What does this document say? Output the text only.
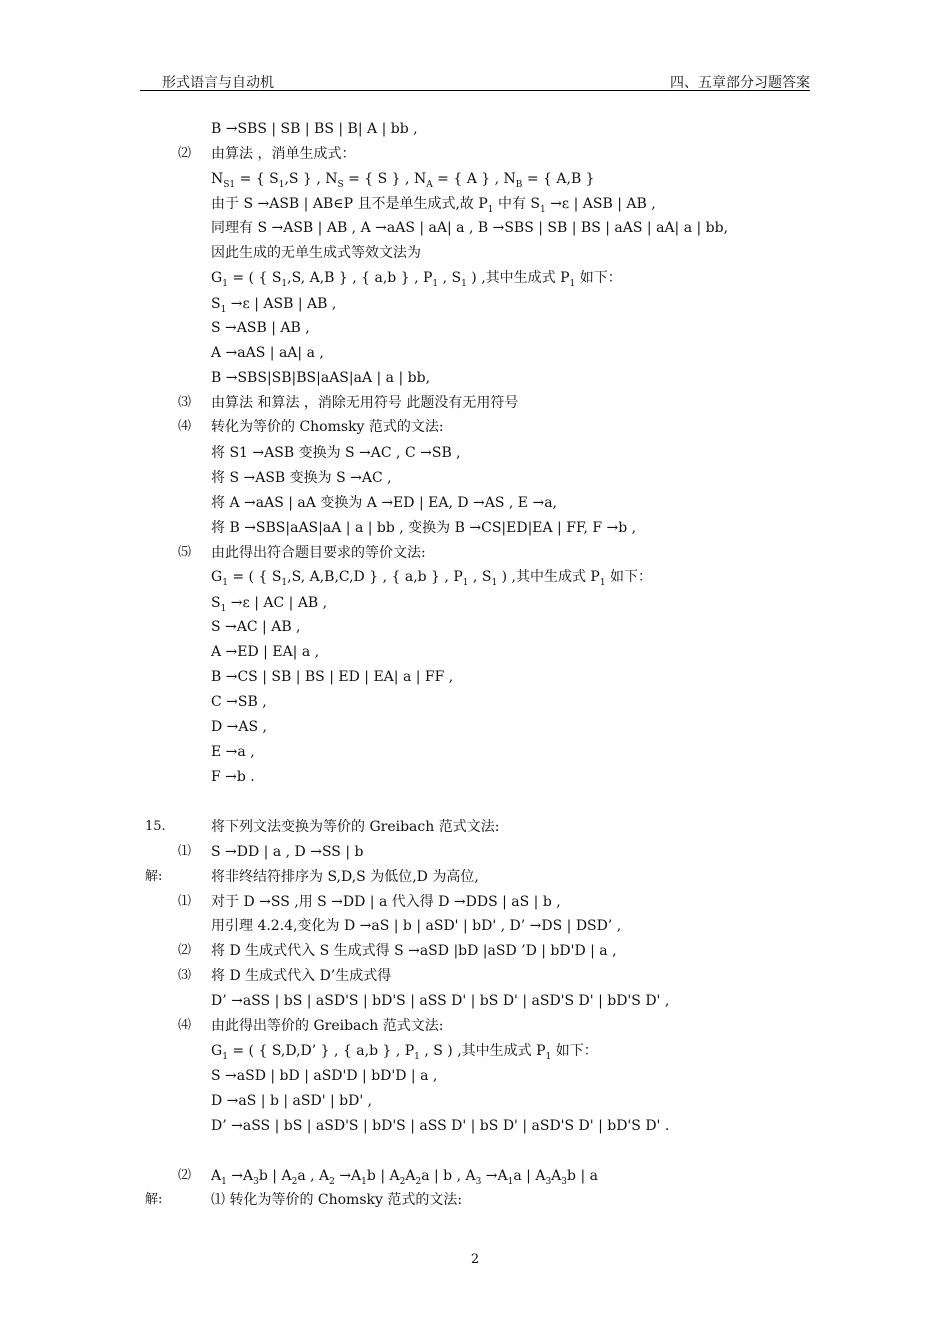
形式语言与自动机	四、五章部分习题答案
B →SBS | SB | BS | B| A | bb ,
⑵ 由算法 ，消单生成式：
$N_{S1}$ = { $S_1,S$ } , $N_S$ = { S } , $N_A$ = { A } , $N_B$ = { A,B }
由于 S →ASB | AB∈P 且不是单生成式,故 $P_1$ 中有 $S_1 \to\varepsilon$ | ASB | AB ,
同理有 S →ASB | AB , A →aAS | aA| a , B →SBS | SB | BS | aAS | aA| a | bb,
因此生成的无单生成式等效文法为
$G_1$ = ( { $S_1,S$, A,B } , { a,b } , $P_1$ , $S_1$ ) ,其中生成式 $P_1$ 如下：
$S_1 \to\varepsilon$ | ASB | AB ,
S →ASB | AB ,
A →aAS | aA| a ,
B →SBS|SB|BS|aAS|aA | a | bb,
⑶ 由算法 和算法 ，消除无用符号 此题没有无用符号
⑷ 转化为等价的 Chomsky 范式的文法:
将 S1 →ASB 变换为 S →AC , C →SB ,
将 S →ASB 变换为 S →AC ,
将 A →aAS | aA 变换为 A →ED | EA, D →AS , E →a,
将 B →SBS|aAS|aA | a | bb , 变换为 B →CS|ED|EA | FF, F →b ,
⑸ 由此得出符合题目要求的等价文法:
$G_1$ = ( { $S_1,S$, A,B,C,D } , { a,b } , $P_1$ , $S_1$ ) ,其中生成式 $P_1$ 如下：
$S_1 \to\varepsilon$ | AC | AB ,
S →AC | AB ,
A →ED | EA| a ,
B →CS | SB | BS | ED | EA| a | FF ,
C →SB ,
D →AS ,
E →a ,
F →b .
15.	将下列文法变换为等价的 Greibach 范式文法:
⑴ S →DD | a , D →SS | b
解:	将非终结符排序为 S,D,S 为低位,D 为高位,
⑴ 对于 D →SS ,用 S →DD | a 代入得 D →DDS | aS | b ,
用引理 4.2.4,变化为 D →aS | b | aSD' | bD' , D’ →DS | DSD’ ,
⑵ 将 D 生成式代入 S 生成式得 S →aSD |bD |aSD ’D | bD'D | a ,
⑶ 将 D 生成式代入 D’生成式得
D’ →aSS | bS | aSD'S | bD'S | aSS D' | bS D' | aSD'S D' | bD'S D' ,
⑷ 由此得出等价的 Greibach 范式文法:
$G_1$ = ( { S,D,D’ } , { a,b } , $P_1$ , S ) ,其中生成式 $P_1$ 如下：
S →aSD | bD | aSD'D | bD'D | a ,
D →aS | b | aSD' | bD' ,
D’ →aSS | bS | aSD'S | bD'S | aSS D' | bS D' | aSD'S D' | bD'S D' .
⑵ $A_1 \to A_3b$ | $A_2a$ , $A_2 \to A_1b$ | $A_2A_2a$ | b , $A_3 \to A_1a$ | $A_3A_3b$ | a
解:	⑴ 转化为等价的 Chomsky 范式的文法:
2
